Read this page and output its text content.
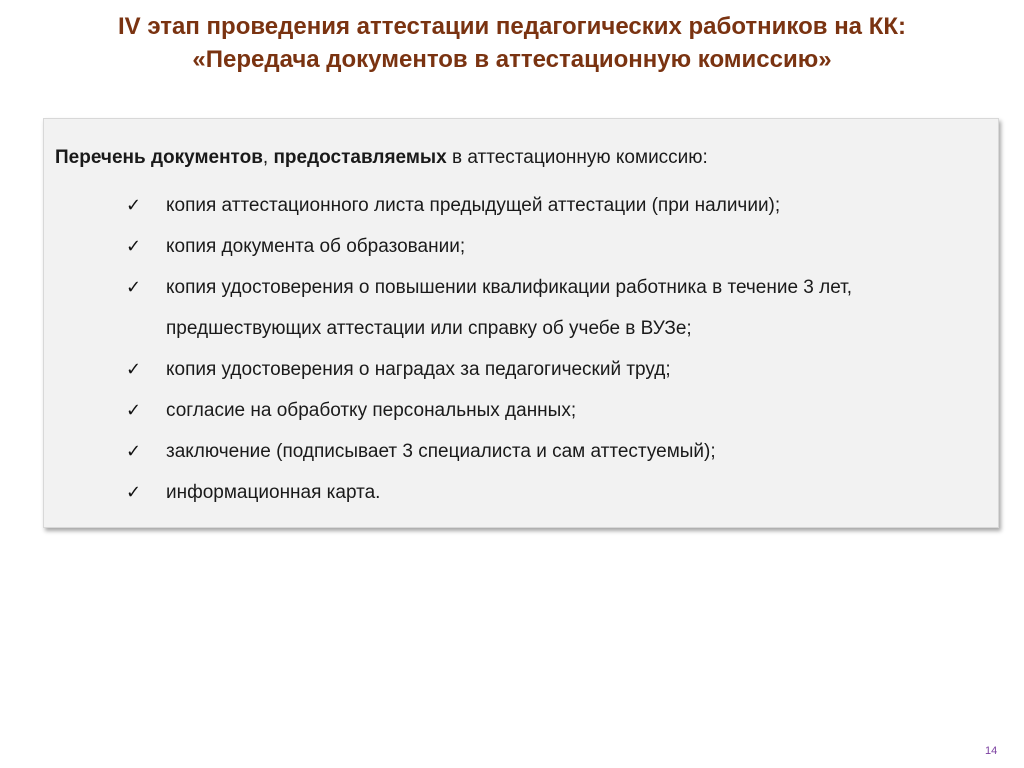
IV этап проведения аттестации педагогических работников на КК:
«Передача документов в аттестационную комиссию»
Перечень документов, предоставляемых в аттестационную комиссию:
✓ копия аттестационного листа предыдущей аттестации (при наличии);
✓ копия документа об образовании;
✓ копия удостоверения о повышении квалификации работника в течение 3 лет, предшествующих аттестации или справку об учебе в ВУЗе;
✓ копия удостоверения о наградах за педагогический труд;
✓ согласие на обработку персональных данных;
✓ заключение (подписывает 3 специалиста и сам аттестуемый);
✓ информационная карта.
14
